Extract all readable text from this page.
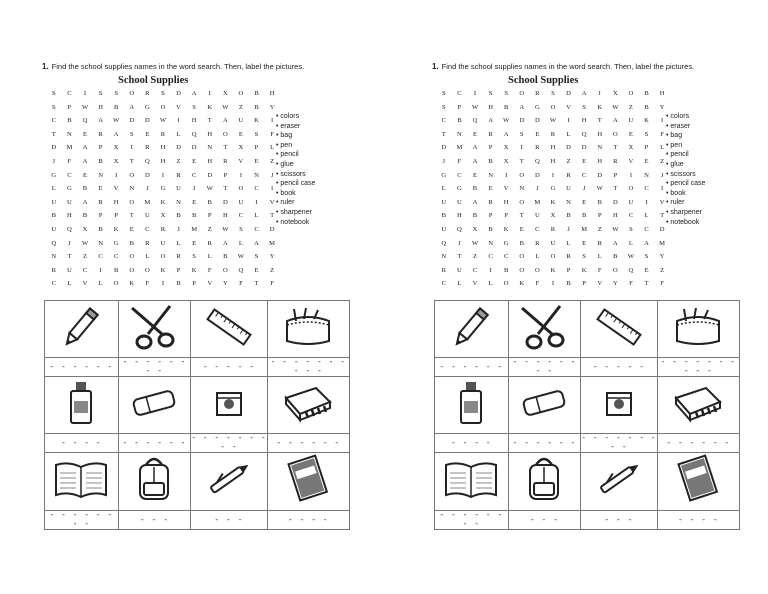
1. Find the school supplies names in the word search. Then, label the pictures.
School Supplies
S	C	I	S	S	O	R	S	D	A	I	X	O	B	H
S	P	W	H	B	A	G	O	V	S	K	W	Z	B	Y
C	B	Q	A	W	D	D	W	I	H	T	A	U	K	I
T	N	E	R	A	S	E	R	L	Q	H	O	E	S	F
D	M	A	P	X	I	R	H	D	D	N	T	X	P	L
J	F	A	B	X	T	Q	H	Z	E	H	R	V	E	Z
G	C	E	N	I	O	D	I	R	C	D	P	I	N	J
L	G	B	E	V	N	J	G	U	J	W	T	O	C	I
U	U	A	R	H	O	M	K	N	E	B	D	U	I	V
B	H	B	P	P	T	U	X	B	B	P	H	C	L	T
U	Q	X	B	K	E	C	R	J	M	Z	W	S	C	D
Q	J	W	N	G	B	R	U	L	E	R	A	L	A	M
N	T	Z	C	C	O	L	O	R	S	L	B	W	S	Y
R	U	C	I	B	O	O	K	P	K	F	O	Q	E	Z
C	L	V	L	O	K	F	I	B	P	V	Y	F	T	F
• colors
• eraser
• bag
• pen
• pencil
• glue
• scissors
• pencil case
• book
• ruler
• sharpener
• notebook

- - - - - -	- - - - - - - -	- - - - -	- - - - - - - - - -

- - - -	- - - - - -	- - - - - - - - -	- - - - - -

- - - - - - - -	- - -	- - -	- - - -
1. Find the school supplies names in the word search. Then, label the pictures.
School Supplies
S	C	I	S	S	O	R	S	D	A	I	X	O	B	H
S	P	W	H	B	A	G	O	V	S	K	W	Z	B	Y
C	B	Q	A	W	D	D	W	I	H	T	A	U	K	I
T	N	E	R	A	S	E	R	L	Q	H	O	E	S	F
D	M	A	P	X	I	R	H	D	D	N	T	X	P	L
J	F	A	B	X	T	Q	H	Z	E	H	R	V	E	Z
G	C	E	N	I	O	D	I	R	C	D	P	I	N	J
L	G	B	E	V	N	J	G	U	J	W	T	O	C	I
U	U	A	R	H	O	M	K	N	E	B	D	U	I	V
B	H	B	P	P	T	U	X	B	B	P	H	C	L	T
U	Q	X	B	K	E	C	R	J	M	Z	W	S	C	D
Q	J	W	N	G	B	R	U	L	E	R	A	L	A	M
N	T	Z	C	C	O	L	O	R	S	L	B	W	S	Y
R	U	C	I	B	O	O	K	P	K	F	O	Q	E	Z
C	L	V	L	O	K	F	I	B	P	V	Y	F	T	F
• colors
• eraser
• bag
• pen
• pencil
• glue
• scissors
• pencil case
• book
• ruler
• sharpener
• notebook

- - - - - -	- - - - - - - -	- - - - -	- - - - - - - - - -

- - - -	- - - - - -	- - - - - - - - -	- - - - - -

- - - - - - - -	- - -	- - -	- - - -
